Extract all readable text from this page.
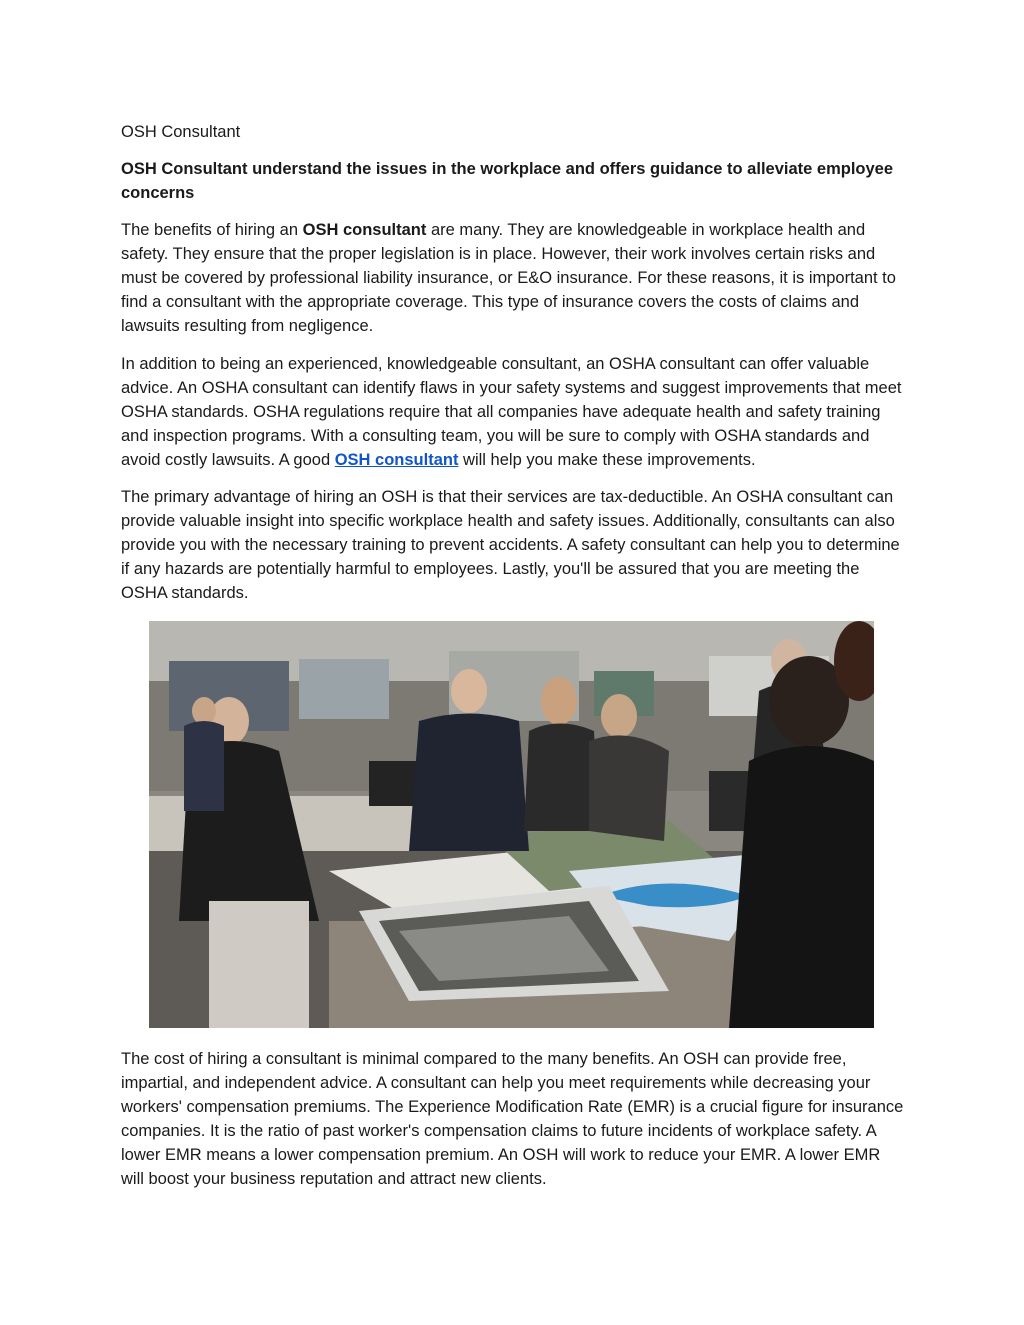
OSH Consultant
OSH Consultant understand the issues in the workplace and offers guidance to alleviate employee concerns

The benefits of hiring an OSH consultant are many. They are knowledgeable in workplace health and safety. They ensure that the proper legislation is in place. However, their work involves certain risks and must be covered by professional liability insurance, or E&O insurance. For these reasons, it is important to find a consultant with the appropriate coverage. This type of insurance covers the costs of claims and lawsuits resulting from negligence.

In addition to being an experienced, knowledgeable consultant, an OSHA consultant can offer valuable advice. An OSHA consultant can identify flaws in your safety systems and suggest improvements that meet OSHA standards. OSHA regulations require that all companies have adequate health and safety training and inspection programs. With a consulting team, you will be sure to comply with OSHA standards and avoid costly lawsuits. A good OSH consultant will help you make these improvements.

The primary advantage of hiring an OSH is that their services are tax-deductible. An OSHA consultant can provide valuable insight into specific workplace health and safety issues. Additionally, consultants can also provide you with the necessary training to prevent accidents. A safety consultant can help you to determine if any hazards are potentially harmful to employees. Lastly, you'll be assured that you are meeting the OSHA standards.

The cost of hiring a consultant is minimal compared to the many benefits. An OSH can provide free, impartial, and independent advice. A consultant can help you meet requirements while decreasing your workers' compensation premiums. The Experience Modification Rate (EMR) is a crucial figure for insurance companies. It is the ratio of past worker's compensation claims to future incidents of workplace safety. A lower EMR means a lower compensation premium. An OSH will work to reduce your EMR. A lower EMR will boost your business reputation and attract new clients.
